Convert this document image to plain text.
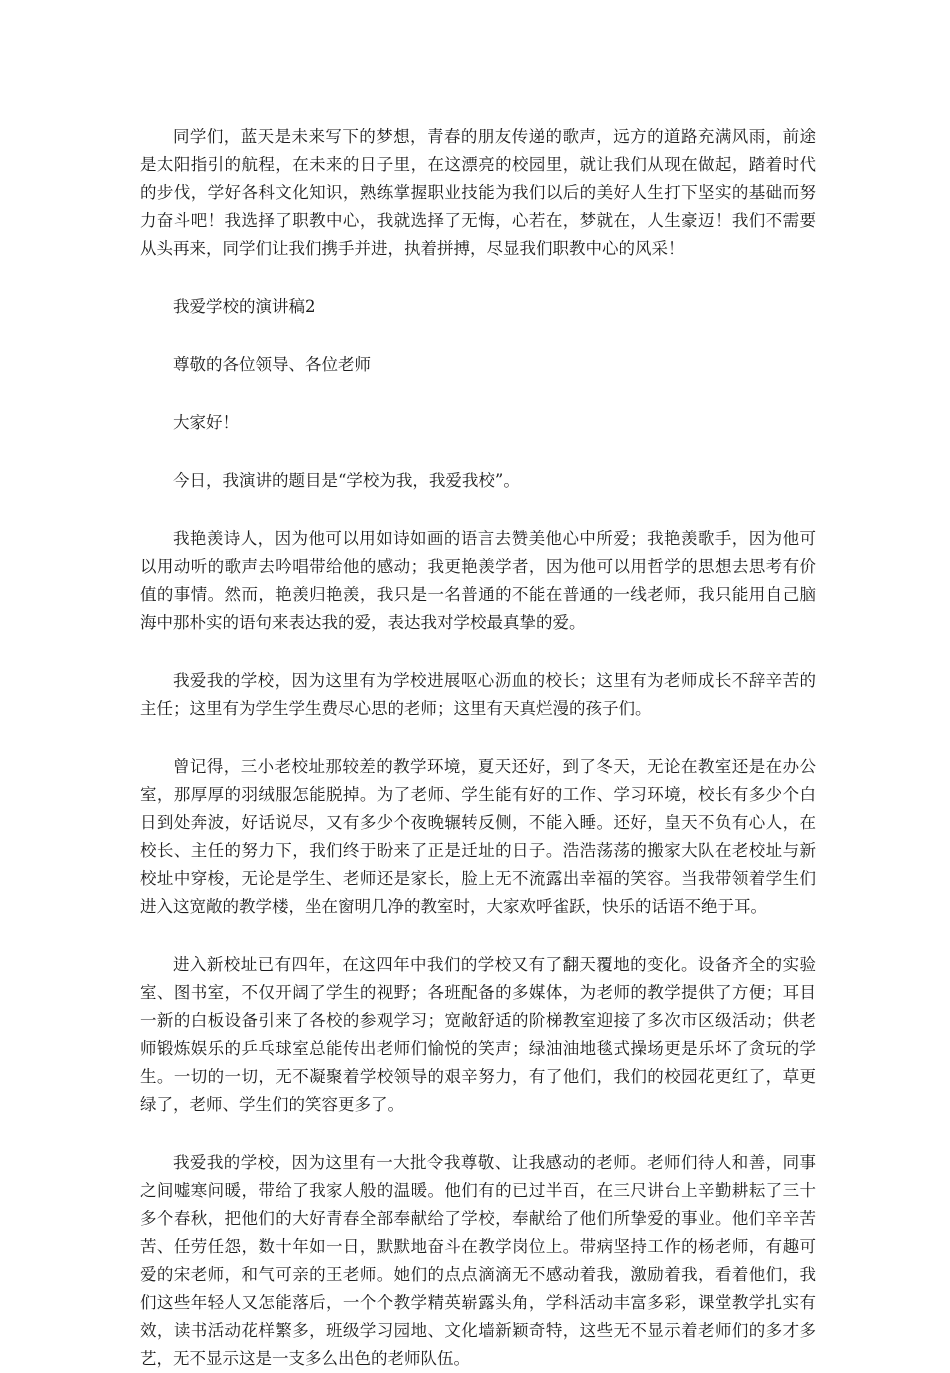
同学们，蓝天是未来写下的梦想，青春的朋友传递的歌声，远方的道路充满风雨，前途是太阳指引的航程，在未来的日子里，在这漂亮的校园里，就让我们从现在做起，踏着时代的步伐，学好各科文化知识，熟练掌握职业技能为我们以后的美好人生打下坚实的基础而努力奋斗吧！我选择了职教中心，我就选择了无悔，心若在，梦就在，人生豪迈！我们不需要从头再来，同学们让我们携手并进，执着拼搏，尽显我们职教中心的风采！

我爱学校的演讲稿2

尊敬的各位领导、各位老师

大家好！

今日，我演讲的题目是“学校为我，我爱我校”。

我艳羡诗人，因为他可以用如诗如画的语言去赞美他心中所爱；我艳羡歌手，因为他可以用动听的歌声去吟唱带给他的感动；我更艳羡学者，因为他可以用哲学的思想去思考有价值的事情。然而，艳羡归艳羡，我只是一名普通的不能在普通的一线老师，我只能用自己脑海中那朴实的语句来表达我的爱，表达我对学校最真挚的爱。

我爱我的学校，因为这里有为学校进展呕心沥血的校长；这里有为老师成长不辞辛苦的主任；这里有为学生学生费尽心思的老师；这里有天真烂漫的孩子们。

曾记得，三小老校址那较差的教学环境，夏天还好，到了冬天，无论在教室还是在办公室，那厚厚的羽绒服怎能脱掉。为了老师、学生能有好的工作、学习环境，校长有多少个白日到处奔波，好话说尽，又有多少个夜晚辗转反侧，不能入睡。还好，皇天不负有心人，在校长、主任的努力下，我们终于盼来了正是迁址的日子。浩浩荡荡的搬家大队在老校址与新校址中穿梭，无论是学生、老师还是家长，脸上无不流露出幸福的笑容。当我带领着学生们进入这宽敞的教学楼，坐在窗明几净的教室时，大家欢呼雀跃，快乐的话语不绝于耳。

进入新校址已有四年，在这四年中我们的学校又有了翻天覆地的变化。设备齐全的实验室、图书室，不仅开阔了学生的视野；各班配备的多媒体，为老师的教学提供了方便；耳目一新的白板设备引来了各校的参观学习；宽敞舒适的阶梯教室迎接了多次市区级活动；供老师锻炼娱乐的乒乓球室总能传出老师们愉悦的笑声；绿油油地毯式操场更是乐坏了贪玩的学生。一切的一切，无不凝聚着学校领导的艰辛努力，有了他们，我们的校园花更红了，草更绿了，老师、学生们的笑容更多了。

我爱我的学校，因为这里有一大批令我尊敬、让我感动的老师。老师们待人和善，同事之间嘘寒问暖，带给了我家人般的温暖。他们有的已过半百，在三尺讲台上辛勤耕耘了三十多个春秋，把他们的大好青春全部奉献给了学校，奉献给了他们所挚爱的事业。他们辛辛苦苦、任劳任怨，数十年如一日，默默地奋斗在教学岗位上。带病坚持工作的杨老师，有趣可爱的宋老师，和气可亲的王老师。她们的点点滴滴无不感动着我，激励着我，看着他们，我们这些年轻人又怎能落后，一个个教学精英崭露头角，学科活动丰富多彩，课堂教学扎实有效，读书活动花样繁多，班级学习园地、文化墙新颖奇特，这些无不显示着老师们的多才多艺，无不显示这是一支多么出色的老师队伍。
